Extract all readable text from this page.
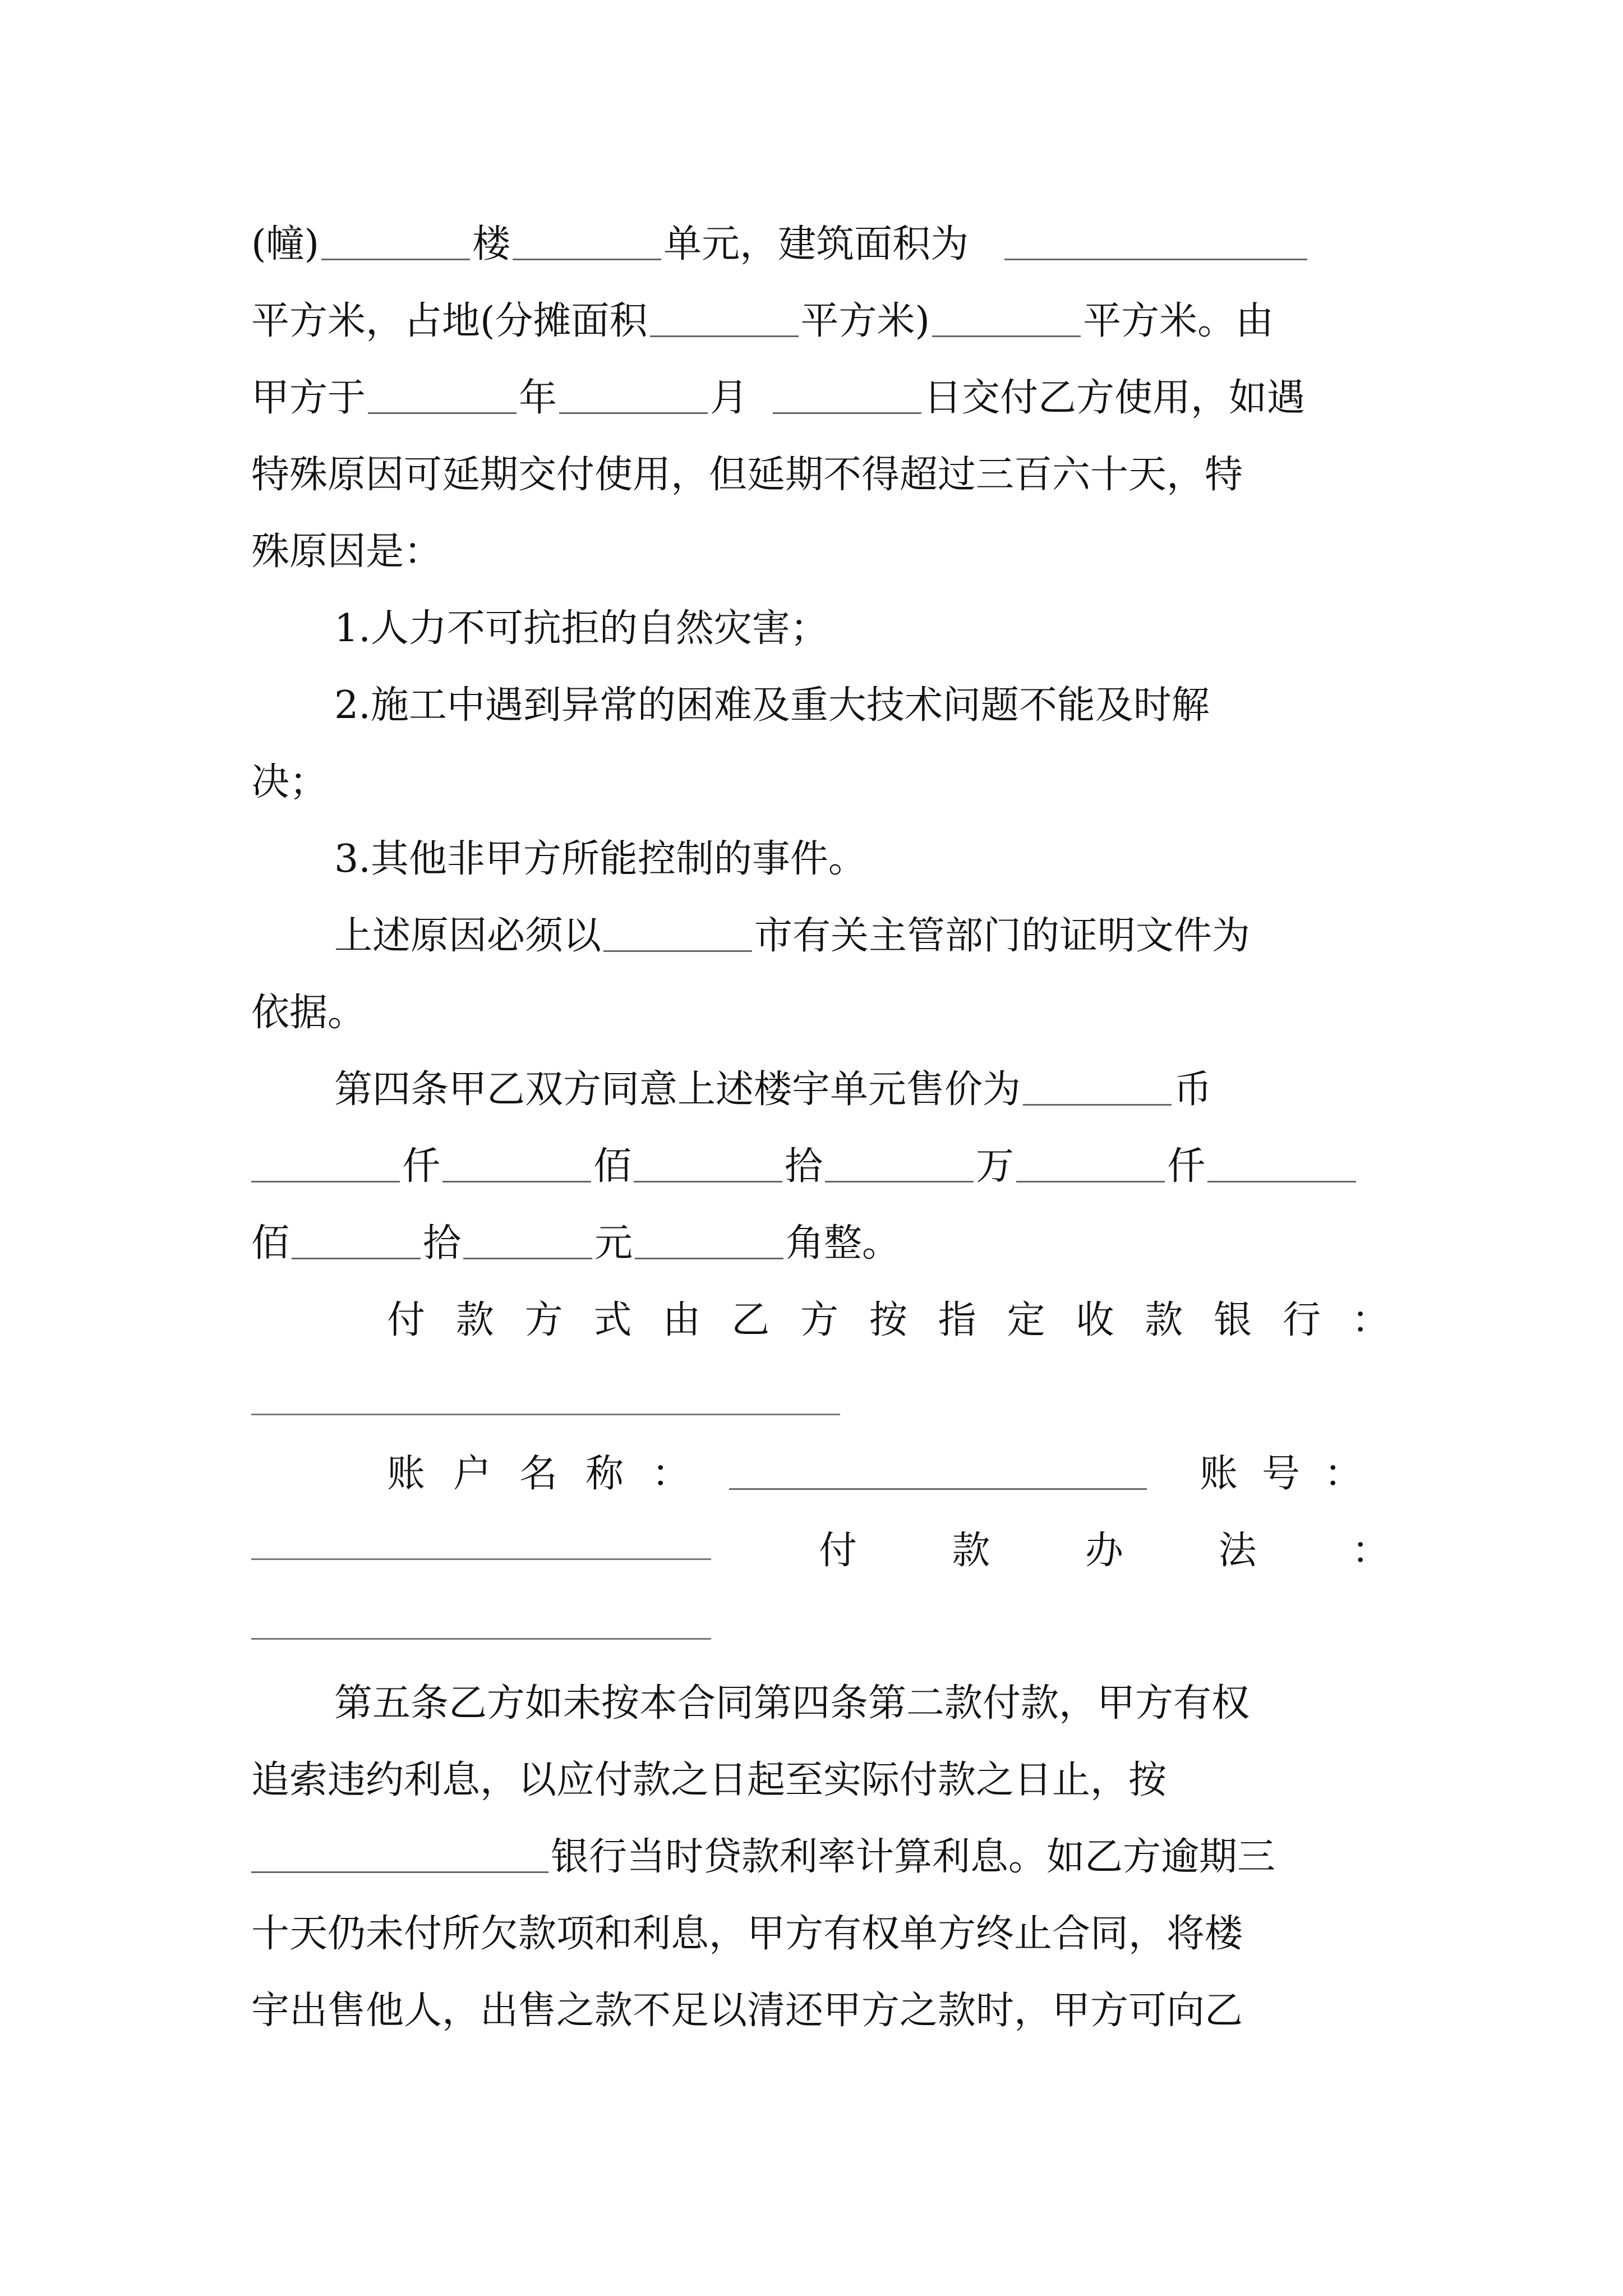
(幢)	楼	单元，建筑面积为
平方米，占地(分摊面积	平方米)	平方米。由
甲方于	年	月	日交付乙方使用，如遇
特殊原因可延期交付使用，但延期不得超过三百六十天，特
殊原因是：
1.人力不可抗拒的自然灾害；
2.施工中遇到异常的困难及重大技术问题不能及时解
决；
3.其他非甲方所能控制的事件。
上述原因必须以	市有关主管部门的证明文件为
依据。
第四条甲乙双方同意上述楼宇单元售价为	币
仟	佰	拾	万	仟
佰	拾	元	角整。
付 款 方 式 由 乙 方 按 指 定 收 款 银 行 ：
账 户 名 称 ：	账 号 ：
付 款 办 法 ：
第五条乙方如未按本合同第四条第二款付款，甲方有权
追索违约利息，以应付款之日起至实际付款之日止，按
银行当时贷款利率计算利息。如乙方逾期三
十天仍未付所欠款项和利息，甲方有权单方终止合同，将楼
宇出售他人，出售之款不足以清还甲方之款时，甲方可向乙
